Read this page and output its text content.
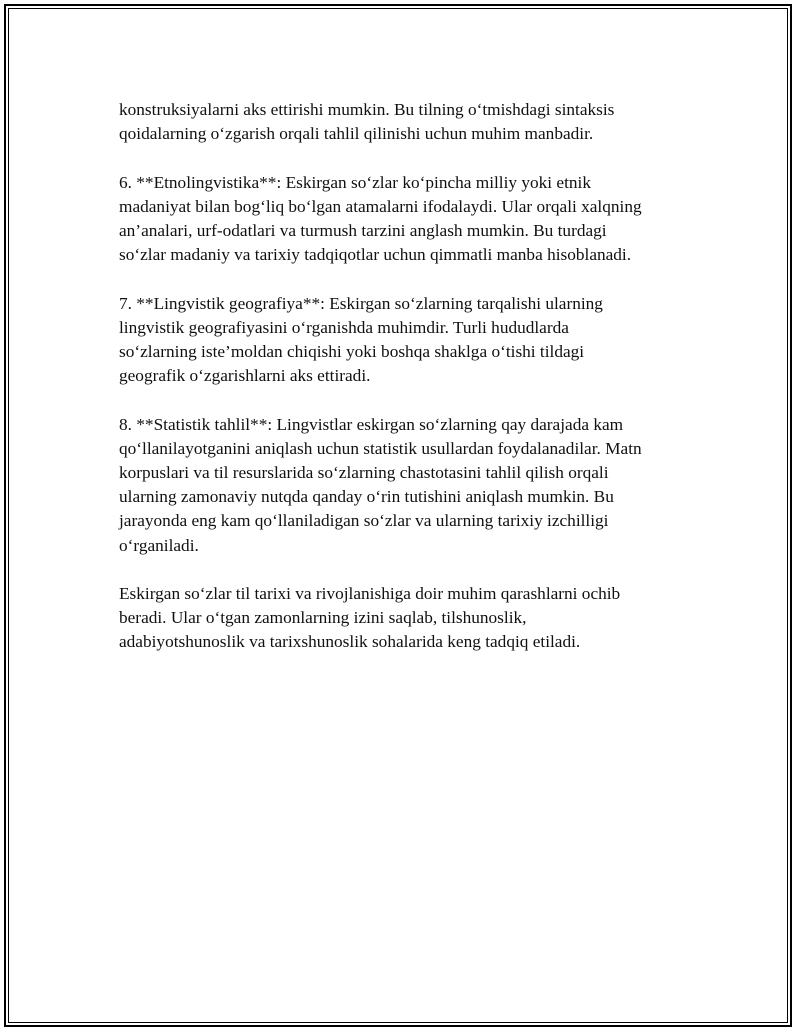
konstruksiyalarni aks ettirishi mumkin. Bu tilning o‘tmishdagi sintaksis
qoidalarning o‘zgarish orqali tahlil qilinishi uchun muhim manbadir.

6. **Etnolingvistika**: Eskirgan so‘zlar ko‘pincha milliy yoki etnik
madaniyat bilan bog‘liq bo‘lgan atamalarni ifodalaydi. Ular orqali xalqning
an’analari, urf-odatlari va turmush tarzini anglash mumkin. Bu turdagi
so‘zlar madaniy va tarixiy tadqiqotlar uchun qimmatli manba hisoblanadi.

7. **Lingvistik geografiya**: Eskirgan so‘zlarning tarqalishi ularning
lingvistik geografiyasini o‘rganishda muhimdir. Turli hududlarda
so‘zlarning iste’moldan chiqishi yoki boshqa shaklga o‘tishi tildagi
geografik o‘zgarishlarni aks ettiradi.

8. **Statistik tahlil**: Lingvistlar eskirgan so‘zlarning qay darajada kam
qo‘llanilayotganini aniqlash uchun statistik usullardan foydalanadilar. Matn
korpuslari va til resurslarida so‘zlarning chastotasini tahlil qilish orqali
ularning zamonaviy nutqda qanday o‘rin tutishini aniqlash mumkin. Bu
jarayonda eng kam qo‘llaniladigan so‘zlar va ularning tarixiy izchilligi
o‘rganiladi.

Eskirgan so‘zlar til tarixi va rivojlanishiga doir muhim qarashlarni ochib
beradi. Ular o‘tgan zamonlarning izini saqlab, tilshunoslik,
adabiyotshunoslik va tarixshunoslik sohalarida keng tadqiq etiladi.
